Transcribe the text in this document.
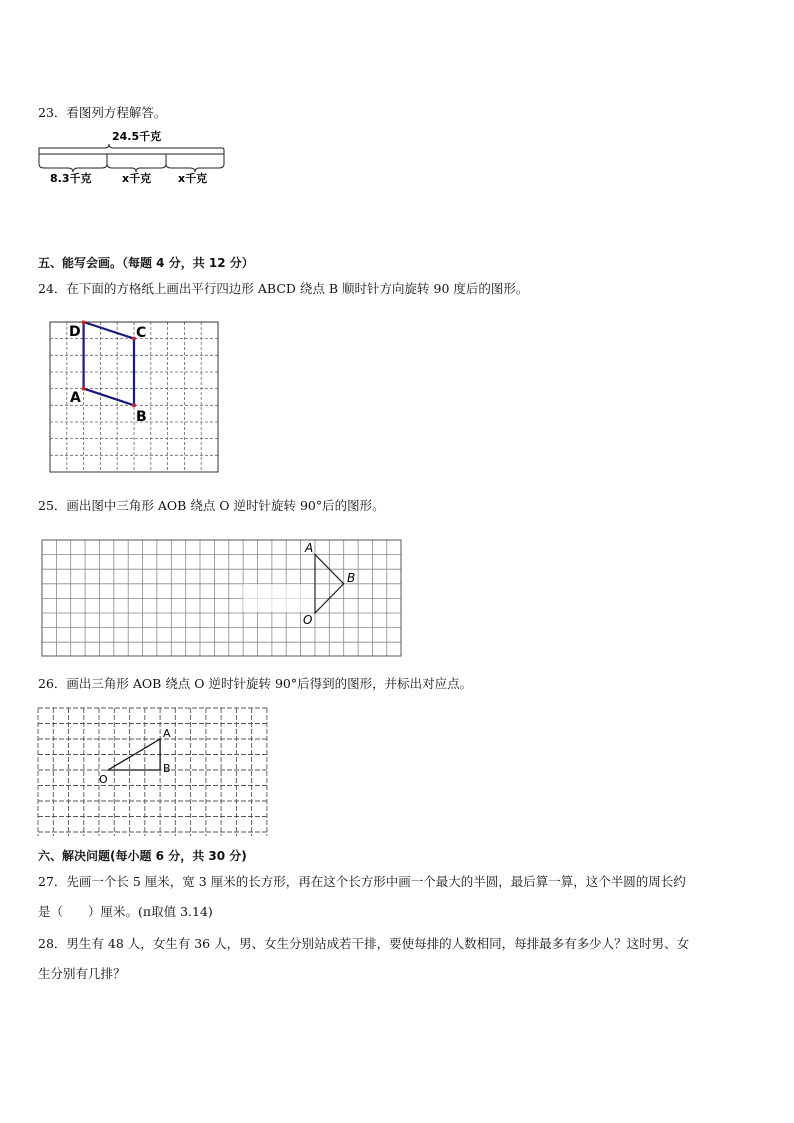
23．看图列方程解答。
24.5千克
8.3千克	x千克 x千克
五、能写会画。（每题 4 分，共 12 分）
24．在下面的方格纸上画出平行四边形 ABCD 绕点 B 顺时针方向旋转 90 度后的图形。
D	C
A
B
25．画出图中三角形 AOB 绕点 O 逆时针旋转 90°后的图形。
A
B
O
26．画出三角形 AOB 绕点 O 逆时针旋转 90°后得到的图形，并标出对应点。
A
B
O
六、解决问题(每小题 6 分，共 30 分)
27．先画一个长 5 厘米，宽 3 厘米的长方形，再在这个长方形中画一个最大的半圆，最后算一算，这个半圆的周长约
是（　　）厘米。(π取值 3.14)
28．男生有 48 人，女生有 36 人，男、女生分别站成若干排，要使每排的人数相同，每排最多有多少人？这时男、女
生分别有几排？
